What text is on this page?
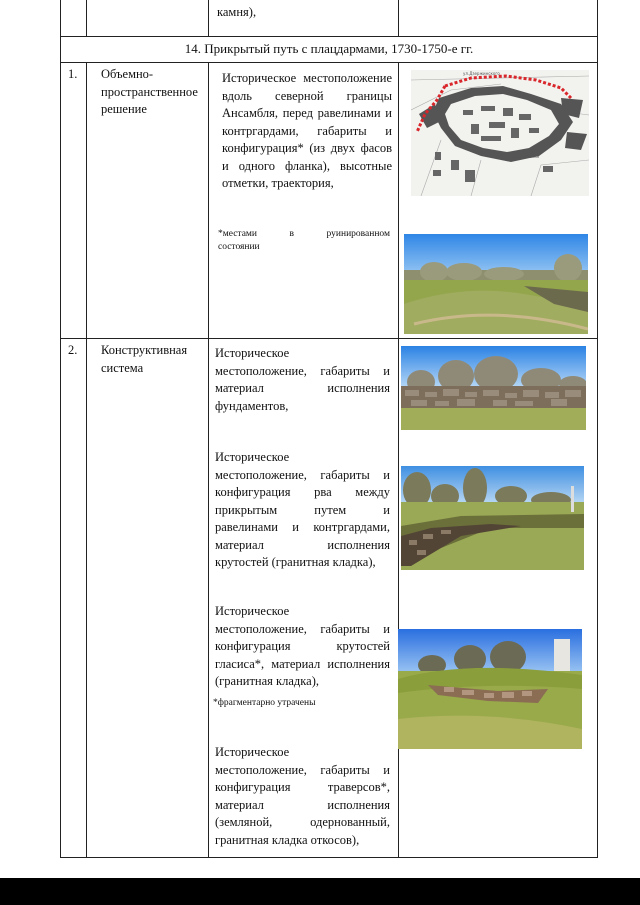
камня),
14. Прикрытый путь с плацдармами, 1730-1750-е гг.
1. Объемно-пространственное решение
Историческое местоположение
вдоль северной границы
Ансамбля, перед равелинами и
контргардами, габариты и
конфигурация* (из двух фасов
и одного фланка), высотные
отметки, траектория,
*местами в руинированном
состоянии
ул.Дзержинского
ул.Советская
2. Конструктивная система
Историческое
местоположение, габариты и
материал исполнения
фундаментов,
Историческое
местоположение, габариты и
конфигурация рва между
прикрытым путем и
равелинами и контргардами,
материал исполнения
крутостей (гранитная кладка),
Историческое
местоположение, габариты и
конфигурация крутостей
гласиса*, материал исполнения
(гранитная кладка),
*фрагментарно утрачены
Историческое
местоположение, габариты и
конфигурация траверсов*,
материал исполнения
(земляной, одернованный,
гранитная кладка откосов),
